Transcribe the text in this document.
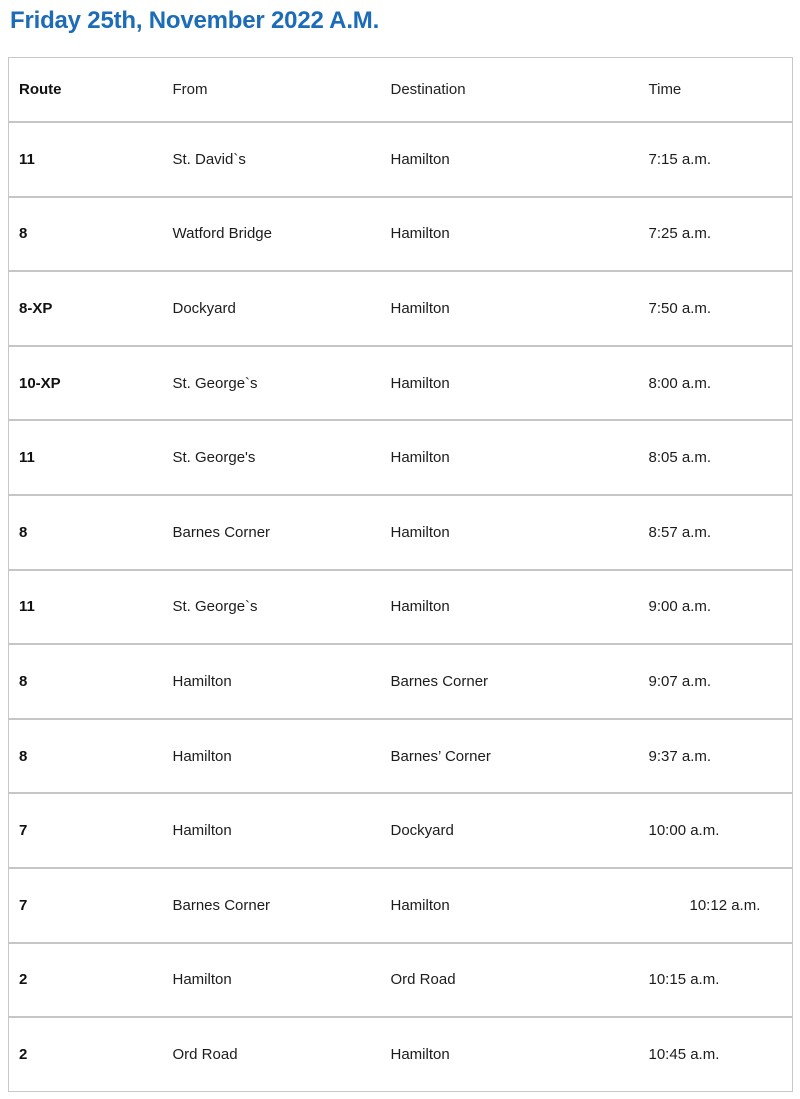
Friday 25th, November 2022 A.M.
Route	From	Destination	Time
11	St. David`s	Hamilton	7:15 a.m.
8	Watford Bridge	Hamilton	7:25 a.m.
8-XP	Dockyard	Hamilton	7:50 a.m.
10-XP	St. George`s	Hamilton	8:00 a.m.
11	St. George's	Hamilton	8:05 a.m.
8	Barnes Corner	Hamilton	8:57 a.m.
11	St. George`s	Hamilton	9:00 a.m.
8	Hamilton	Barnes Corner	9:07 a.m.
8	Hamilton	Barnes’ Corner	9:37 a.m.
7	Hamilton	Dockyard	10:00 a.m.
7	Barnes Corner	Hamilton	10:12 a.m.
2	Hamilton	Ord Road	10:15 a.m.
2	Ord Road	Hamilton	10:45 a.m.
